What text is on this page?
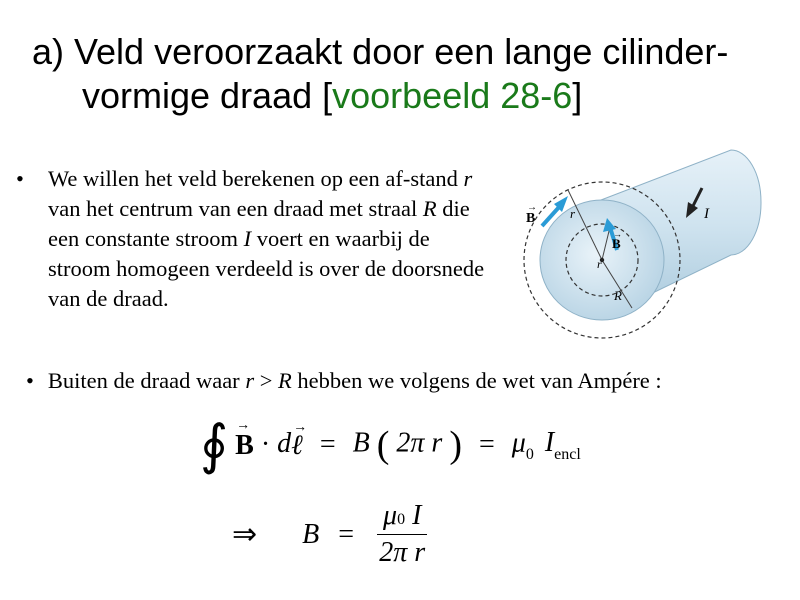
a) Veld veroorzaakt door een lange cilinder-
vormige draad [voorbeeld 28-6]
• We willen het veld berekenen op een af-stand r van het centrum van een draad met straal R die een constante stroom I voert en waarbij de stroom homogeen verdeeld is over de doorsnede van de draad.
B
→	r
B
→
r
R
I
• Buiten de draad waar r > R hebben we volgens de wet van Ampére :
∮ →
B · d
→
ℓ = B ( 2π r ) = μ0 Iencl
⇒ $B = \frac{\mu 0 I}{\text{2π r}}$
